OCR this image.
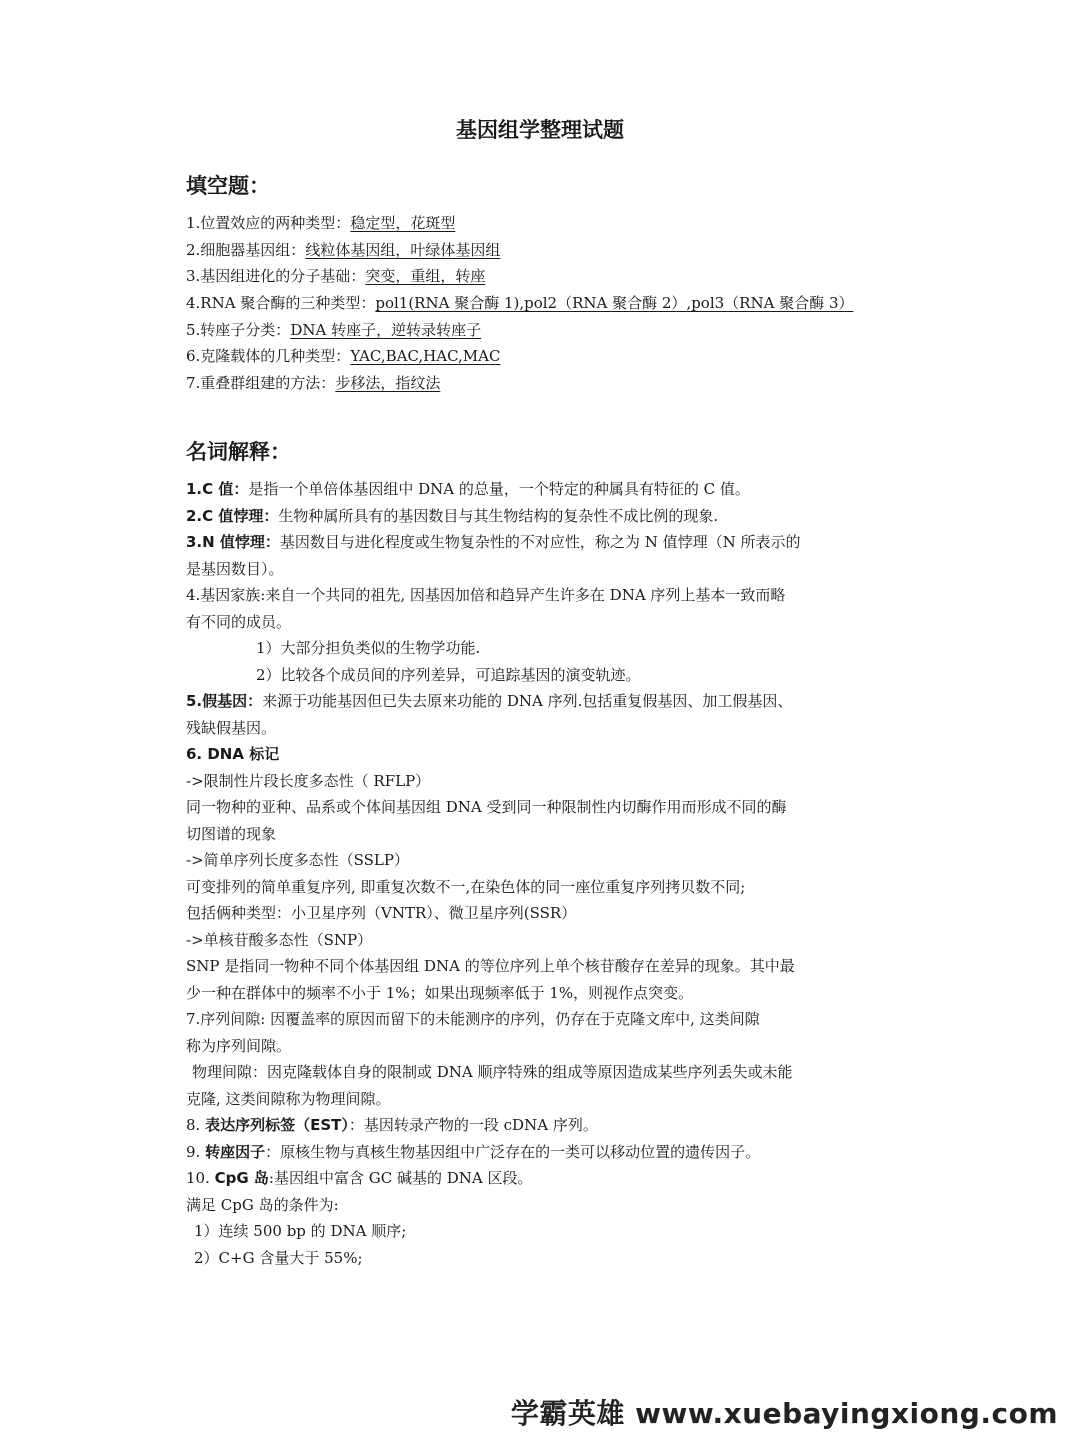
基因组学整理试题
填空题：
1.位置效应的两种类型：稳定型，花斑型
2.细胞器基因组：线粒体基因组，叶绿体基因组
3.基因组进化的分子基础：突变，重组，转座
4.RNA 聚合酶的三种类型：pol1(RNA 聚合酶 1),pol2（RNA 聚合酶 2）,pol3（RNA 聚合酶 3）
5.转座子分类：DNA 转座子，逆转录转座子
6.克隆载体的几种类型：YAC,BAC,HAC,MAC
7.重叠群组建的方法：步移法，指纹法
名词解释：
1.C 值：是指一个单倍体基因组中 DNA 的总量，一个特定的种属具有特征的 C 值。
2.C 值悖理：生物种属所具有的基因数目与其生物结构的复杂性不成比例的现象.
3.N 值悖理：基因数目与进化程度或生物复杂性的不对应性，称之为 N 值悖理（N 所表示的
是基因数目）。
4.基因家族:来自一个共同的祖先, 因基因加倍和趋异产生许多在 DNA 序列上基本一致而略
有不同的成员。
1）大部分担负类似的生物学功能.
2）比较各个成员间的序列差异，可追踪基因的演变轨迹。
5.假基因：来源于功能基因但已失去原来功能的 DNA 序列.包括重复假基因、加工假基因、
残缺假基因。
6. DNA 标记
->限制性片段长度多态性（ RFLP）
同一物种的亚种、品系或个体间基因组 DNA 受到同一种限制性内切酶作用而形成不同的酶
切图谱的现象
->简单序列长度多态性（SSLP）
可变排列的简单重复序列, 即重复次数不一,在染色体的同一座位重复序列拷贝数不同;
包括俩种类型：小卫星序列（VNTR）、微卫星序列(SSR）
->单核苷酸多态性（SNP）
SNP 是指同一物种不同个体基因组 DNA 的等位序列上单个核苷酸存在差异的现象。其中最
少一种在群体中的频率不小于 1%；如果出现频率低于 1%，则视作点突变。
7.序列间隙: 因覆盖率的原因而留下的未能测序的序列，仍存在于克隆文库中, 这类间隙
称为序列间隙。
物理间隙：因克隆载体自身的限制或 DNA 顺序特殊的组成等原因造成某些序列丢失或未能
克隆, 这类间隙称为物理间隙。
8. 表达序列标签（EST）：基因转录产物的一段 cDNA 序列。
9. 转座因子：原核生物与真核生物基因组中广泛存在的一类可以移动位置的遗传因子。
10. CpG 岛:基因组中富含 GC 碱基的 DNA 区段。
满足 CpG 岛的条件为:
1）连续 500 bp 的 DNA 顺序;
2）C+G 含量大于 55%;
学霸英雄 www.xuebayingxiong.com
